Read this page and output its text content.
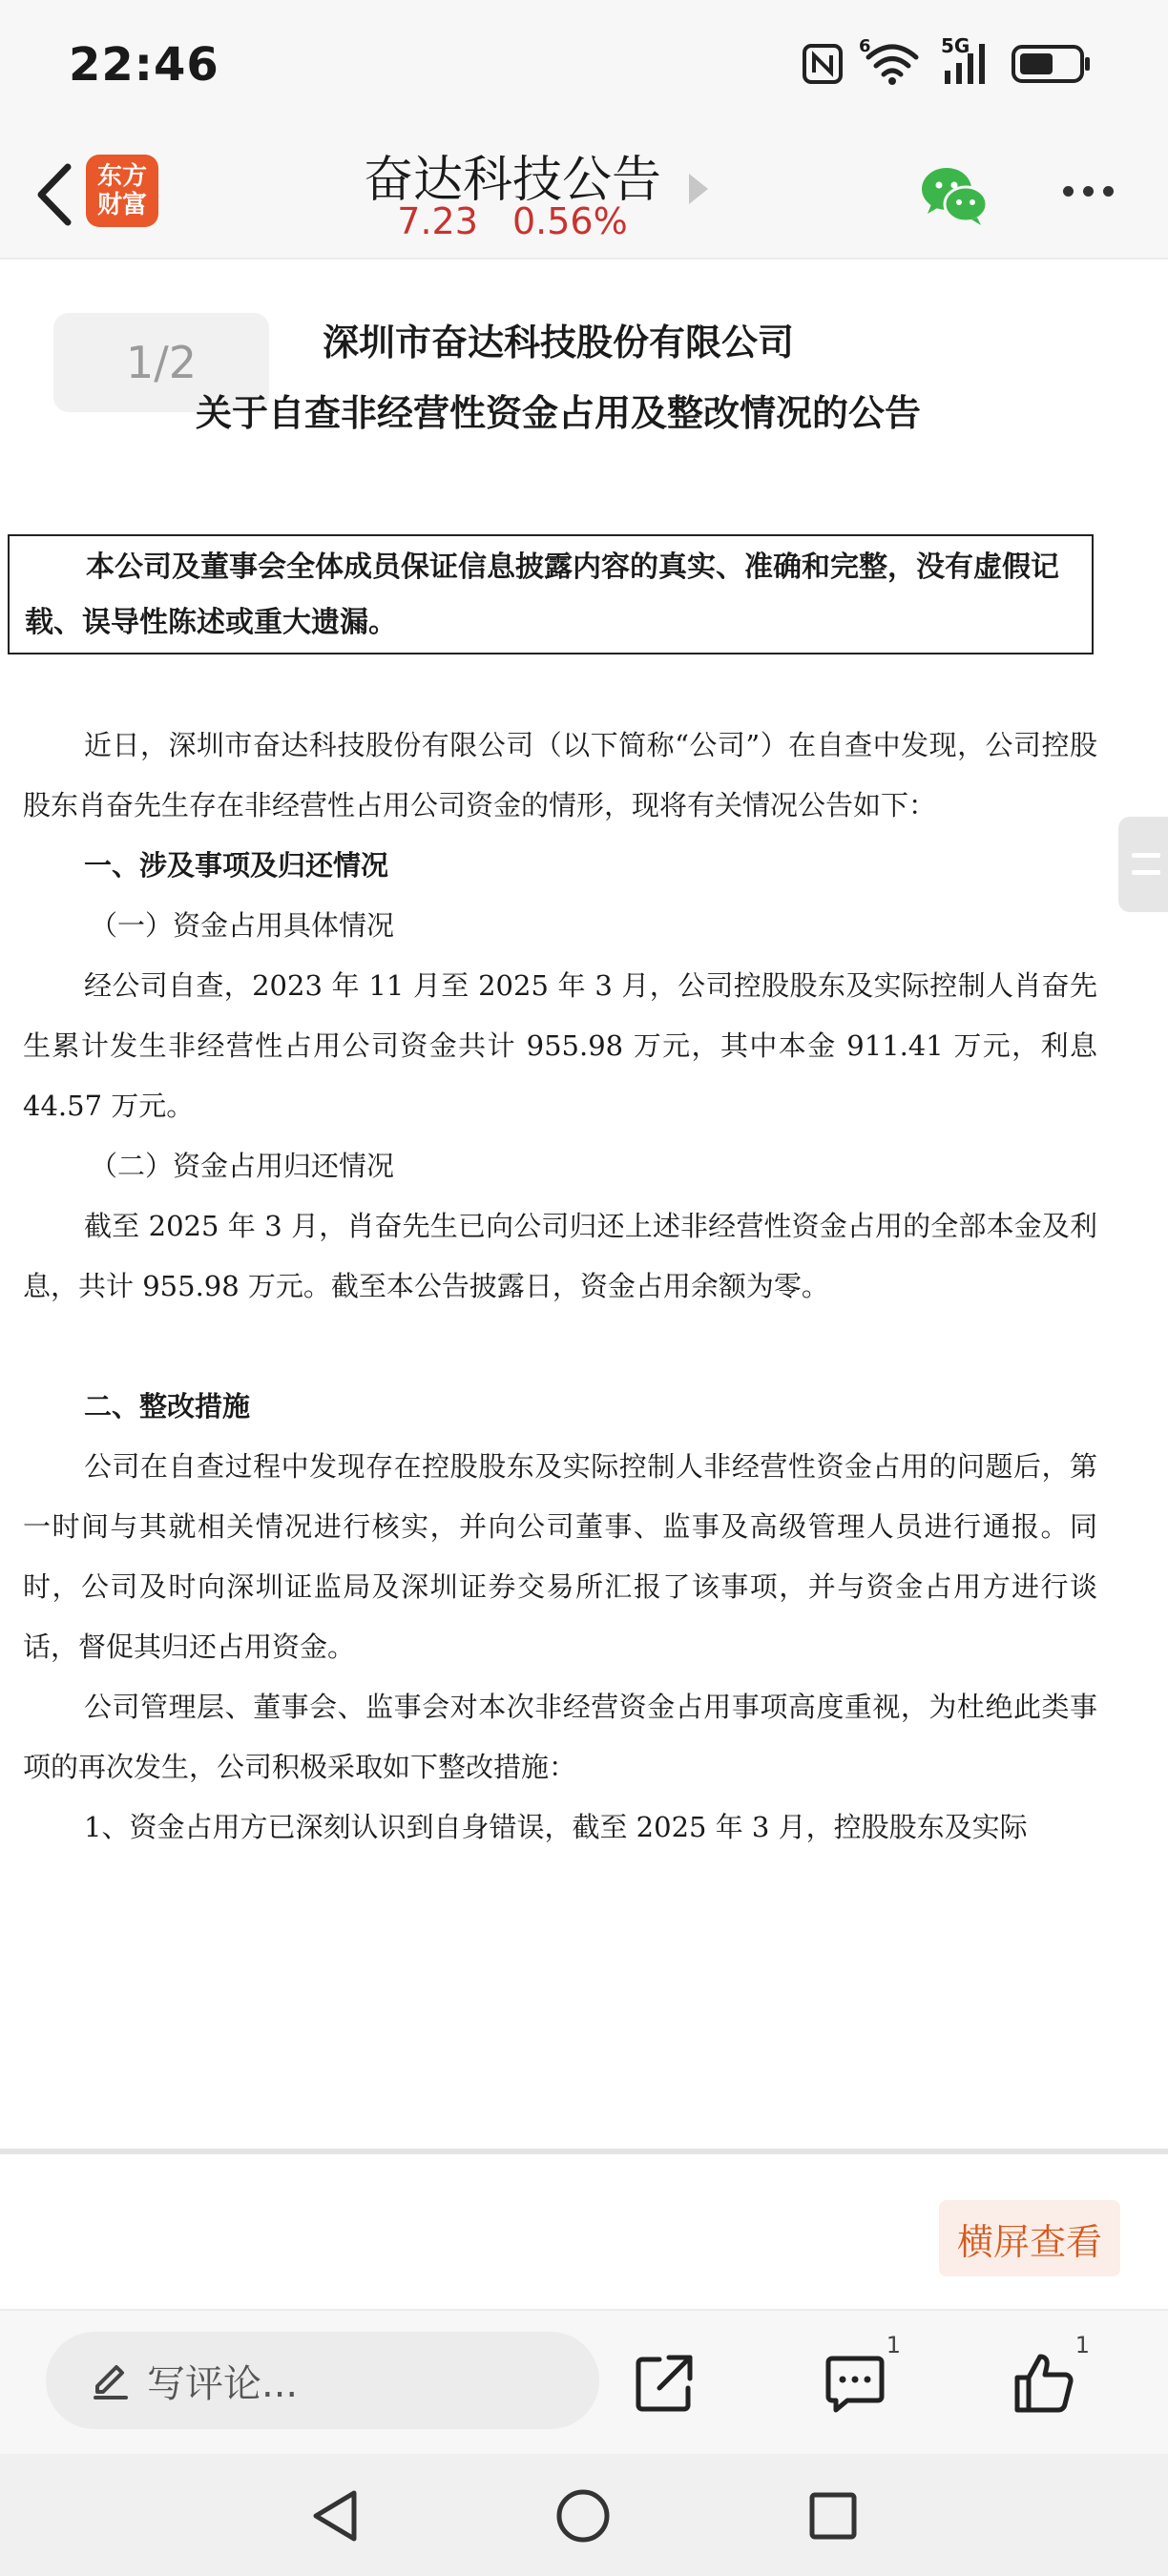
22:46	6	5G
东方
财富	奋达科技公告
7.23 0.56%
1/2	深圳市奋达科技股份有限公司
关于自查非经营性资金占用及整改情况的公告
本公司及董事会全体成员保证信息披露内容的真实、准确和完整，没有虚假记载、误导性陈述或重大遗漏。

近日，深圳市奋达科技股份有限公司（以下简称“公司”）在自查中发现，公司控股股东肖奋先生存在非经营性占用公司资金的情形，现将有关情况公告如下：

一、涉及事项及归还情况

（一）资金占用具体情况

经公司自查，2023 年 11 月至 2025 年 3 月，公司控股股东及实际控制人肖奋先生累计发生非经营性占用公司资金共计 955.98 万元，其中本金 911.41 万元，利息 44.57 万元。

（二）资金占用归还情况

截至 2025 年 3 月，肖奋先生已向公司归还上述非经营性资金占用的全部本金及利息，共计 955.98 万元。截至本公告披露日，资金占用余额为零。

二、整改措施

公司在自查过程中发现存在控股股东及实际控制人非经营性资金占用的问题后，第一时间与其就相关情况进行核实，并向公司董事、监事及高级管理人员进行通报。同时，公司及时向深圳证监局及深圳证券交易所汇报了该事项，并与资金占用方进行谈话，督促其归还占用资金。

公司管理层、董事会、监事会对本次非经营资金占用事项高度重视，为杜绝此类事项的再次发生，公司积极采取如下整改措施：

1、资金占用方已深刻认识到自身错误，截至 2025 年 3 月，控股股东及实际

横屏查看
写评论...
1	1
